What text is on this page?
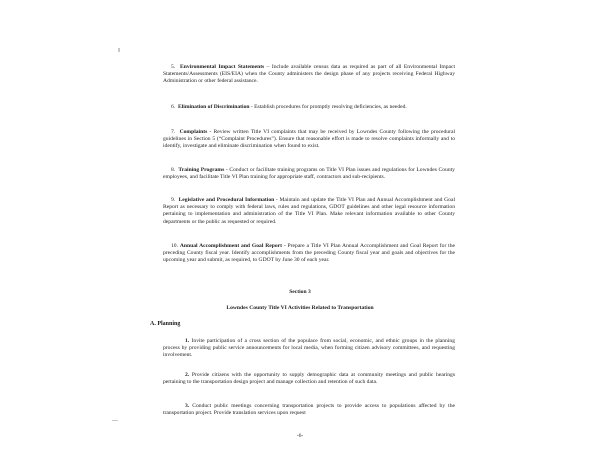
5. Environmental Impact Statements – Include available census data as required as part of all Environmental Impact Statements/Assessments (EIS/EIA) when the County administers the design phase of any projects receiving Federal Highway Administration or other federal assistance.
6. Elimination of Discrimination - Establish procedures for promptly resolving deficiencies, as needed.
7. Complaints - Review written Title VI complaints that may be received by Lowndes County following the procedural guidelines in Section 5 (“Complaint Procedures”). Ensure that reasonable effort is made to resolve complaints informally and to identify, investigate and eliminate discrimination when found to exist.
8. Training Programs - Conduct or facilitate training programs on Title VI Plan issues and regulations for Lowndes County employees, and facilitate Title VI Plan training for appropriate staff, contractors and sub-recipients.
9. Legislative and Procedural Information - Maintain and update the Title VI Plan and Annual Accomplishment and Goal Report as necessary to comply with federal laws, rules and regulations, GDOT guidelines and other legal resource information pertaining to implementation and administration of the Title VI Plan. Make relevant information available to other County departments or the public as requested or required.
10. Annual Accomplishment and Goal Report - Prepare a Title VI Plan Annual Accomplishment and Goal Report for the preceding County fiscal year. Identify accomplishments from the preceding County fiscal year and goals and objectives for the upcoming year and submit, as required, to GDOT by June 30 of each year.
Section 3
Lowndes County Title VI Activities Related to Transportation
A. Planning
1. Invite participation of a cross section of the populace from social, economic, and ethnic groups in the planning process by providing public service announcements for local media, when forming citizen advisory committees, and requesting involvement.
2. Provide citizens with the opportunity to supply demographic data at community meetings and public hearings pertaining to the transportation design project and manage collection and retention of such data.
3. Conduct public meetings concerning transportation projects to provide access to populations affected by the transportation project. Provide translation services upon request
-6-
